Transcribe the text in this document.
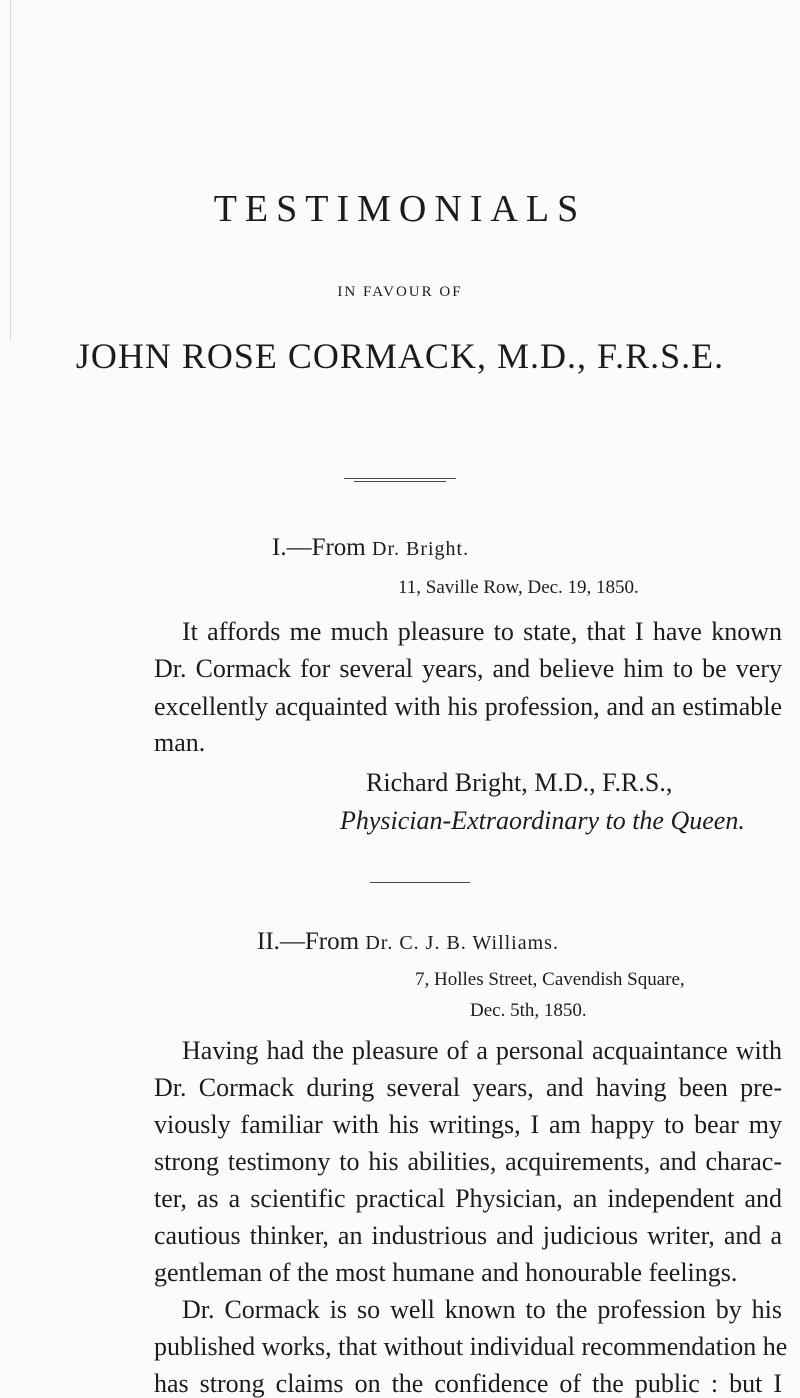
TESTIMONIALS
IN FAVOUR OF
JOHN ROSE CORMACK, M.D., F.R.S.E.
I.—From Dr. Bright.
11, Saville Row, Dec. 19, 1850.
It affords me much pleasure to state, that I have known
Dr. Cormack for several years, and believe him to be very
excellently acquainted with his profession, and an estimable
man.
Richard Bright, M.D., F.R.S.,
Physician-Extraordinary to the Queen.
II.—From Dr. C. J. B. Williams.
7, Holles Street, Cavendish Square,
Dec. 5th, 1850.
Having had the pleasure of a personal acquaintance with
Dr. Cormack during several years, and having been pre-
viously familiar with his writings, I am happy to bear my
strong testimony to his abilities, acquirements, and charac-
ter, as a scientific practical Physician, an independent and
cautious thinker, an industrious and judicious writer, and a
gentleman of the most humane and honourable feelings.
Dr. Cormack is so well known to the profession by his
published works, that without individual recommendation he
has strong claims on the confidence of the public : but I
